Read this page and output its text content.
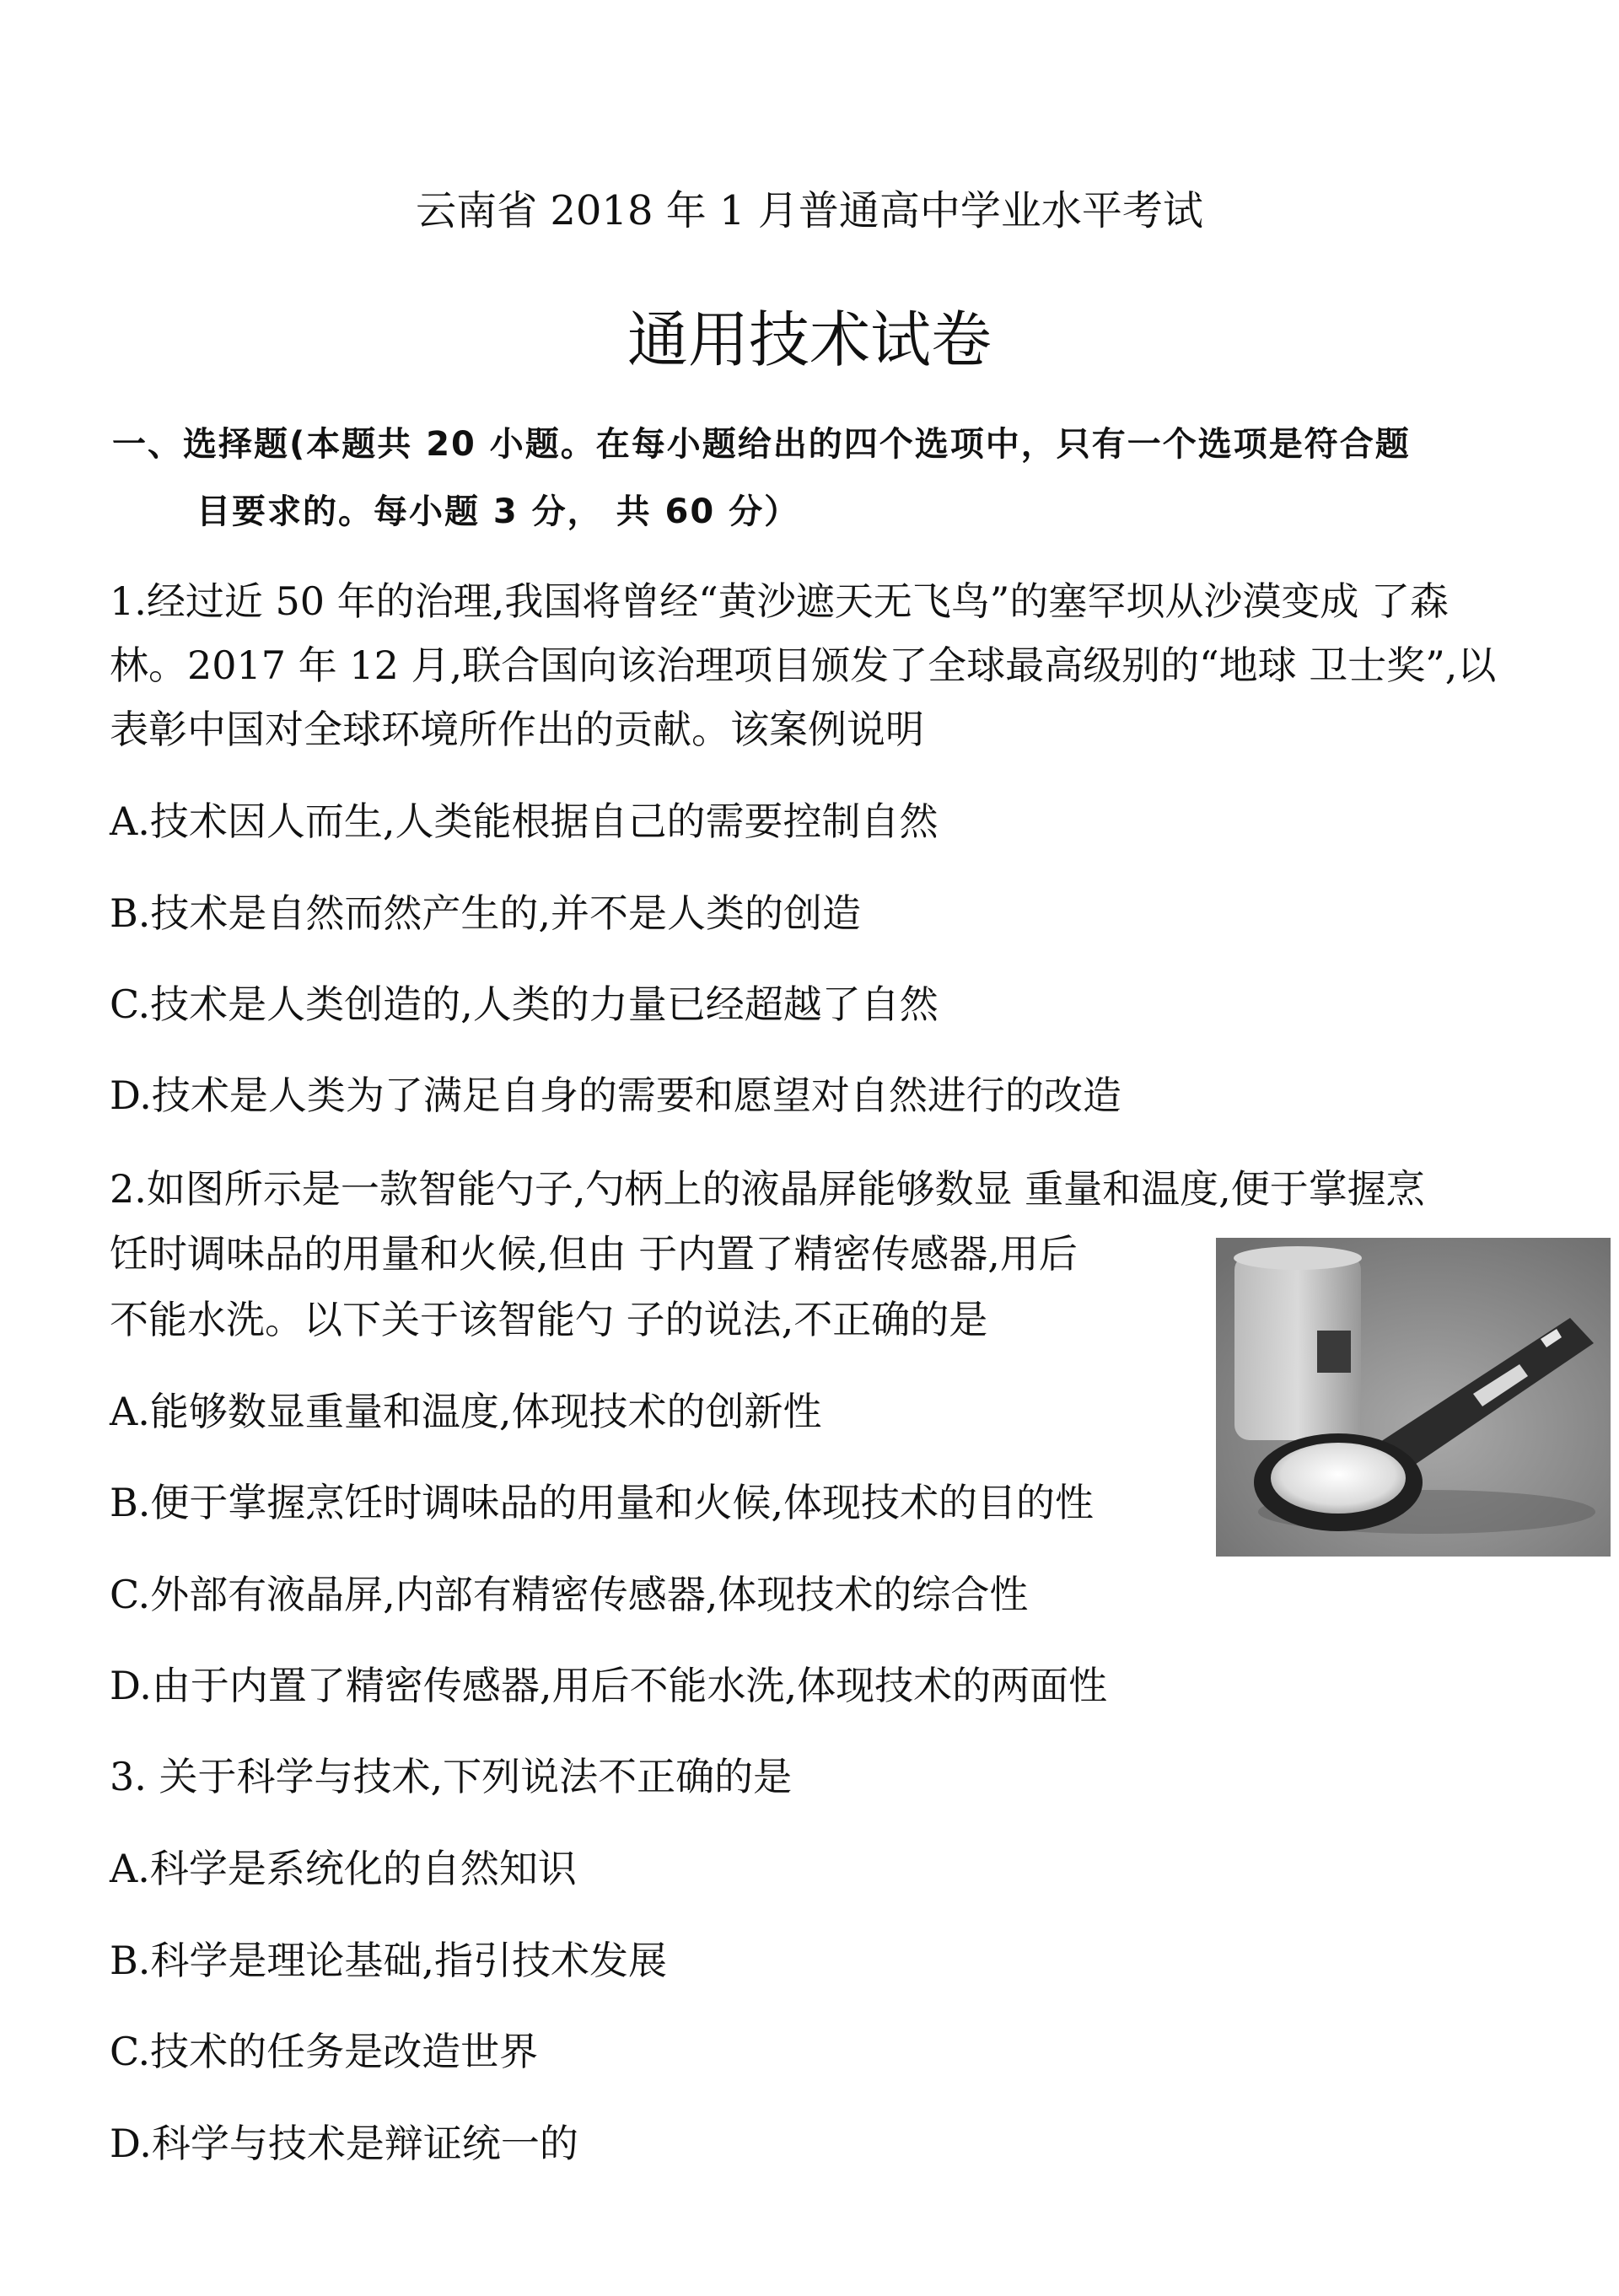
云南省 2018 年 1 月普通高中学业水平考试
通用技术试卷
一、选择题(本题共 20 小题。在每小题给出的四个选项中，只有一个选项是符合题
目要求的。每小题 3 分， 共 60 分）
1.经过近 50 年的治理,我国将曾经“黄沙遮天无飞鸟”的塞罕坝从沙漠变成 了森
林。2017 年 12 月,联合国向该治理项目颁发了全球最高级别的“地球 卫士奖”,以
表彰中国对全球环境所作出的贡献。该案例说明
A.技术因人而生,人类能根据自己的需要控制自然
B.技术是自然而然产生的,并不是人类的创造
C.技术是人类创造的,人类的力量已经超越了自然
D.技术是人类为了满足自身的需要和愿望对自然进行的改造
2.如图所示是一款智能勺子,勺柄上的液晶屏能够数显 重量和温度,便于掌握烹
饪时调味品的用量和火候,但由 于内置了精密传感器,用后
不能水洗。以下关于该智能勺 子的说法,不正确的是
A.能够数显重量和温度,体现技术的创新性
B.便于掌握烹饪时调味品的用量和火候,体现技术的目的性
C.外部有液晶屏,内部有精密传感器,体现技术的综合性
D.由于内置了精密传感器,用后不能水洗,体现技术的两面性
3. 关于科学与技术,下列说法不正确的是
A.科学是系统化的自然知识
B.科学是理论基础,指引技术发展
C.技术的任务是改造世界
D.科学与技术是辩证统一的
